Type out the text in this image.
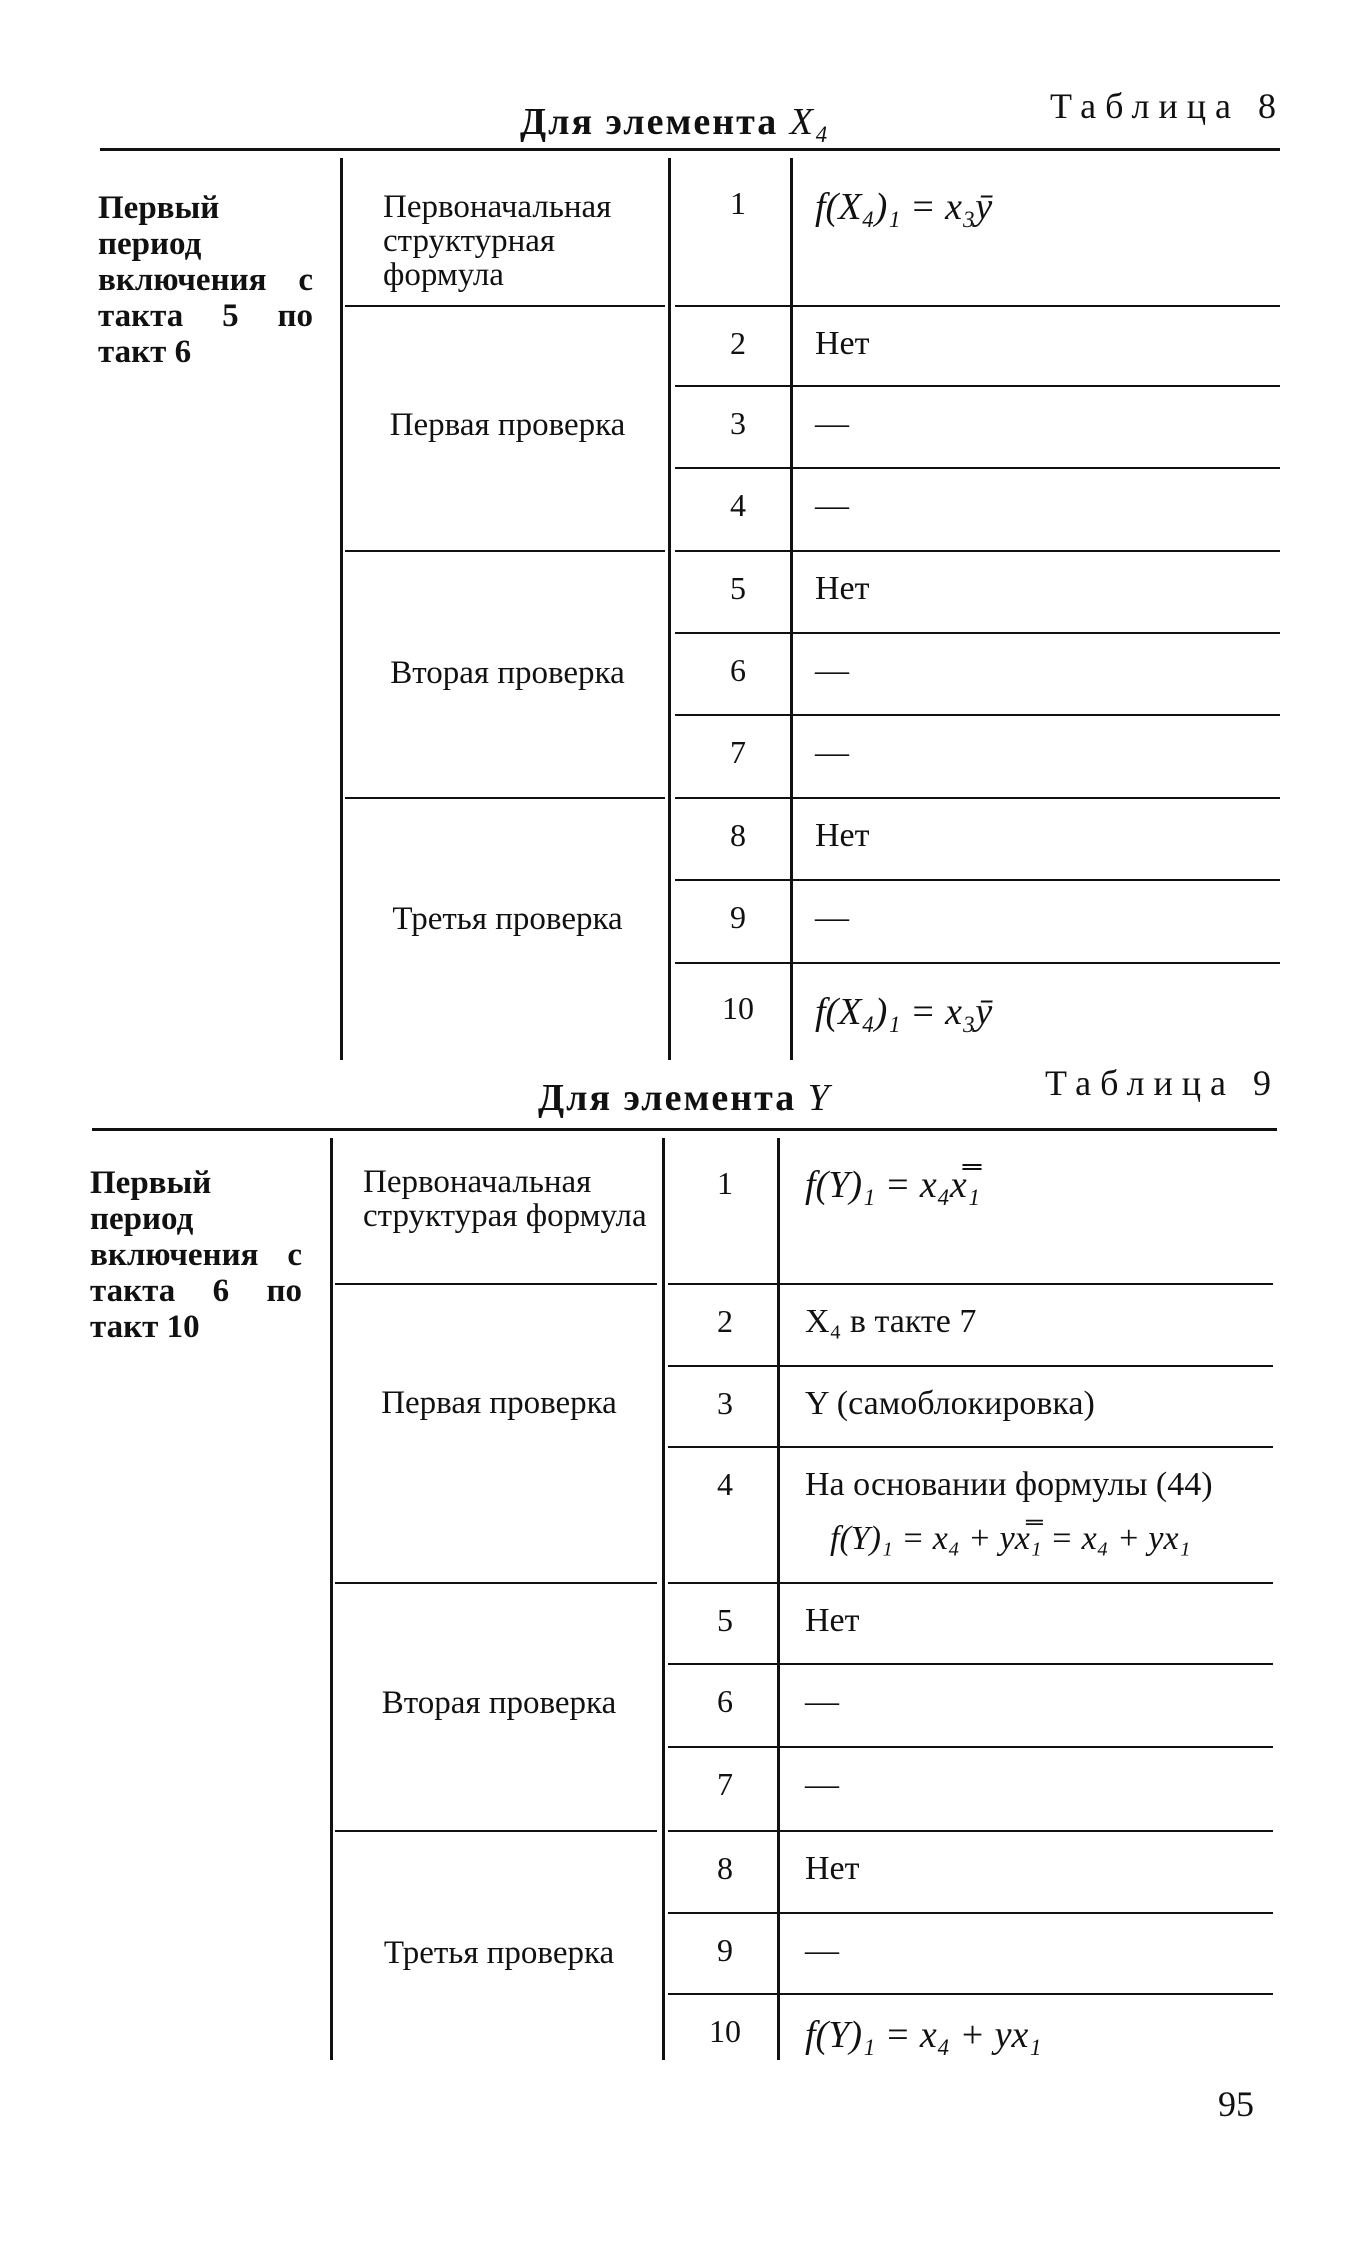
Таблица 8
Для элемента X₄
Первый период включения с такта 5 по такт 6
Первоначальная структурная формула
Первая проверка
Вторая проверка
Третья проверка
1
2
3
4
5
6
7
8
9
10
f(X₄)₁ = x₃ȳ
Нет
—
—
Нет
—
—
Нет
—
f(X₄)₁ = x₃ȳ
Таблица 9
Для элемента Y
Первый период включения с такта 6 по такт 10
Первоначальная структурая формула
Первая проверка
Вторая проверка
Третья проверка
1
2
3
4
5
6
7
8
9
10
f(Y)₁ = x₄x̿₁
X₄ в такте 7
Y (самоблокировка)
На основании формулы (44)
f(Y)₁ = x₄ + yx̿₁ = x₄ + yx₁
Нет
—
—
Нет
—
f(Y)₁ = x₄ + yx₁
95
